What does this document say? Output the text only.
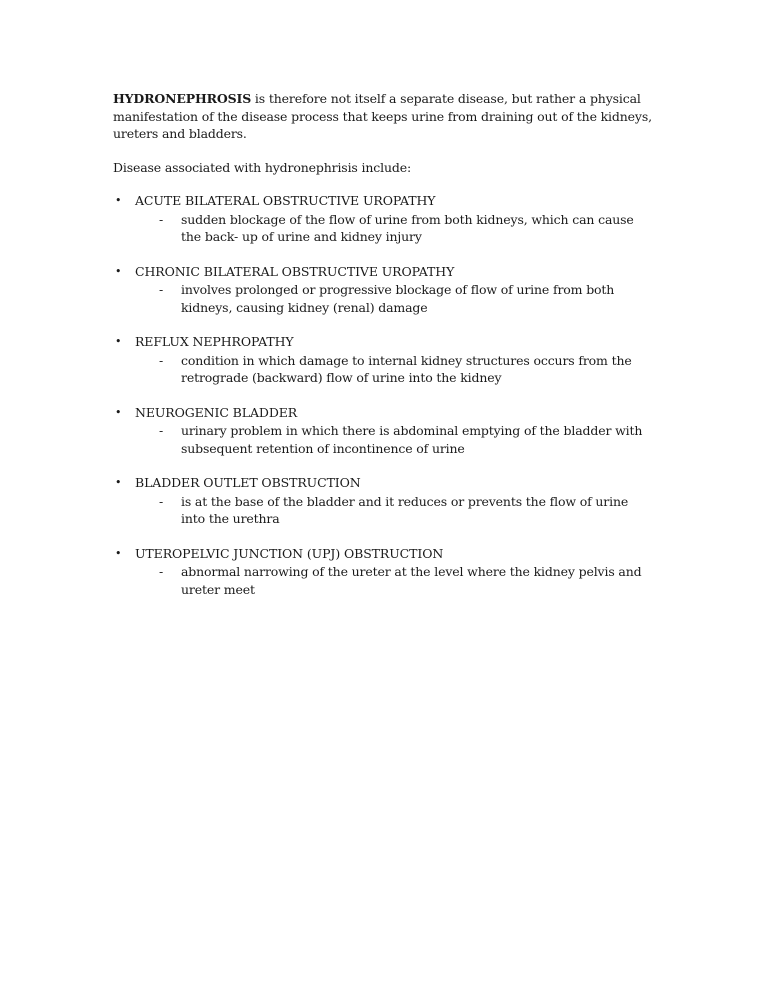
HYDRONEPHROSIS is therefore not itself a separate disease, but rather a physical manifestation of the disease process that keeps urine from draining out of the kidneys, ureters and bladders.

Disease associated with hydronephrisis include:

• ACUTE BILATERAL OBSTRUCTIVE UROPATHY
- sudden blockage of the flow of urine from both kidneys, which can cause the back- up of urine and kidney injury
• CHRONIC BILATERAL OBSTRUCTIVE UROPATHY
- involves prolonged or progressive blockage of flow of urine from both kidneys, causing kidney (renal) damage
• REFLUX NEPHROPATHY
- condition in which damage to internal kidney structures occurs from the retrograde (backward) flow of urine into the kidney
• NEUROGENIC BLADDER
- urinary problem in which there is abdominal emptying of the bladder with subsequent retention of incontinence of urine
• BLADDER OUTLET OBSTRUCTION
- is at the base of the bladder and it reduces or prevents the flow of urine into the urethra
• UTEROPELVIC JUNCTION (UPJ) OBSTRUCTION
- abnormal narrowing of the ureter at the level where the kidney pelvis and ureter meet
